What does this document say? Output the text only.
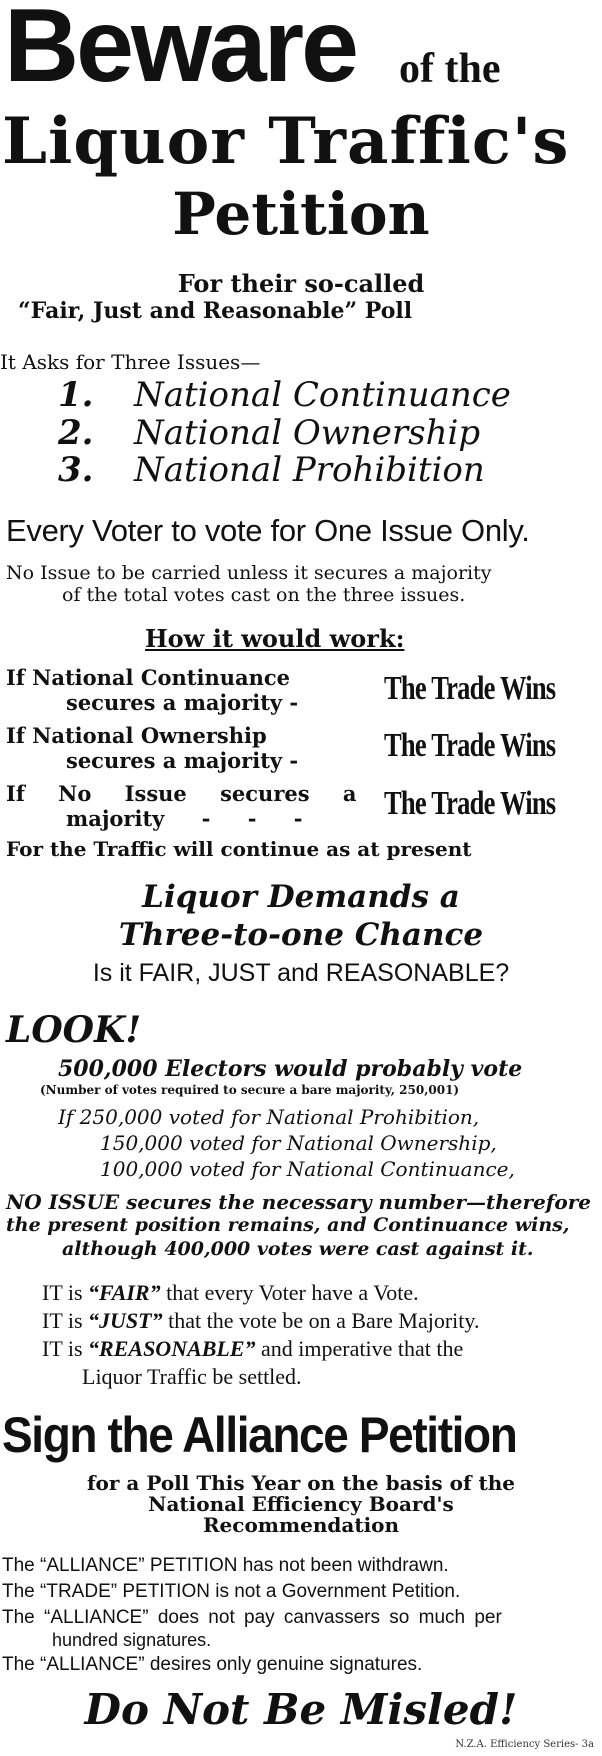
Beware of the
Liquor Traffic's
Petition
For their so-called
“Fair, Just and Reasonable” Poll
It Asks for Three Issues—
1. National Continuance
2. National Ownership
3. National Prohibition
Every Voter to vote for One Issue Only.
No Issue to be carried unless it secures a majority
of the total votes cast on the three issues.
How it would work:
If National Continuance
secures a majority -	The Trade Wins
If National Ownership
secures a majority -	The Trade Wins
If No Issue secures a
majority - - - The Trade Wins
For the Traffic will continue as at present
Liquor Demands a
Three-to-one Chance
Is it FAIR, JUST and REASONABLE?
LOOK!
500,000 Electors would probably vote
(Number of votes required to secure a bare majority, 250,001)
If 250,000 voted for National Prohibition,
150,000 voted for National Ownership,
100,000 voted for National Continuance,
NO ISSUE secures the necessary number—therefore
the present position remains, and Continuance wins,
although 400,000 votes were cast against it.
IT is “FAIR” that every Voter have a Vote.
IT is “JUST” that the vote be on a Bare Majority.
IT is “REASONABLE” and imperative that the
Liquor Traffic be settled.
Sign the Alliance Petition
for a Poll This Year on the basis of the
National Efficiency Board's
Recommendation
The “ALLIANCE” PETITION has not been withdrawn.
The “TRADE” PETITION is not a Government Petition.
The “ALLIANCE” does not pay canvassers so much per
hundred signatures.
The “ALLIANCE” desires only genuine signatures.
Do Not Be Misled!
N.Z.A. Efficiency Series- 3a
